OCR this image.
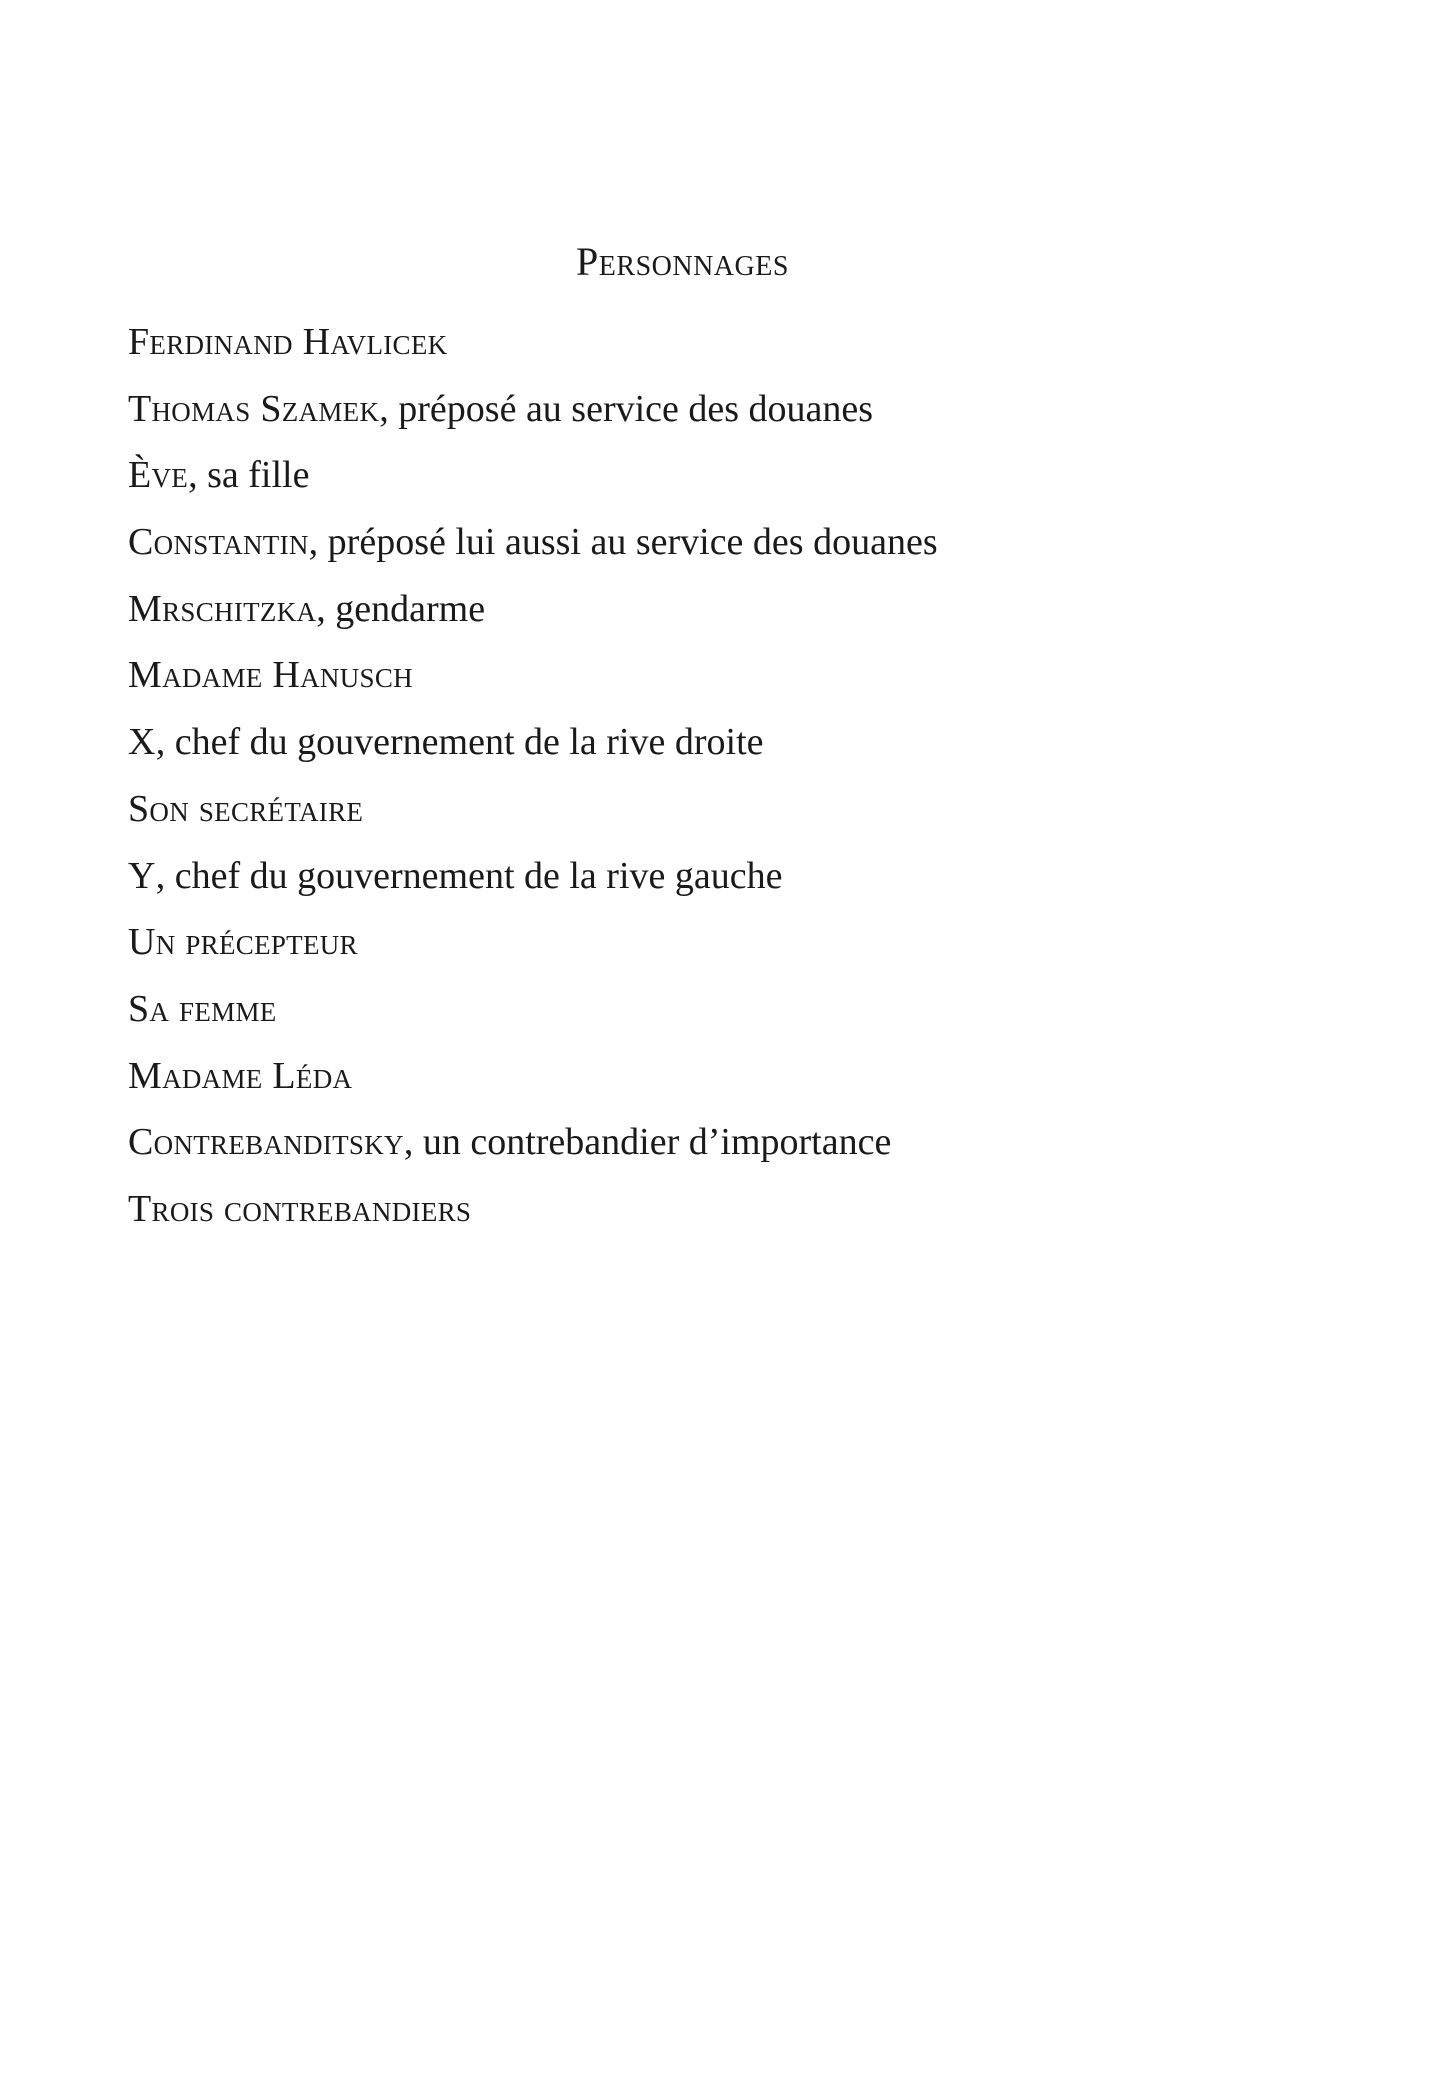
Personnages
Ferdinand Havlicek
Thomas Szamek, préposé au service des douanes
Ève, sa fille
Constantin, préposé lui aussi au service des douanes
Mrschitzka, gendarme
Madame Hanusch
X, chef du gouvernement de la rive droite
Son secrétaire
Y, chef du gouvernement de la rive gauche
Un précepteur
Sa femme
Madame Léda
Contrebanditsky, un contrebandier d’importance
Trois contrebandiers
